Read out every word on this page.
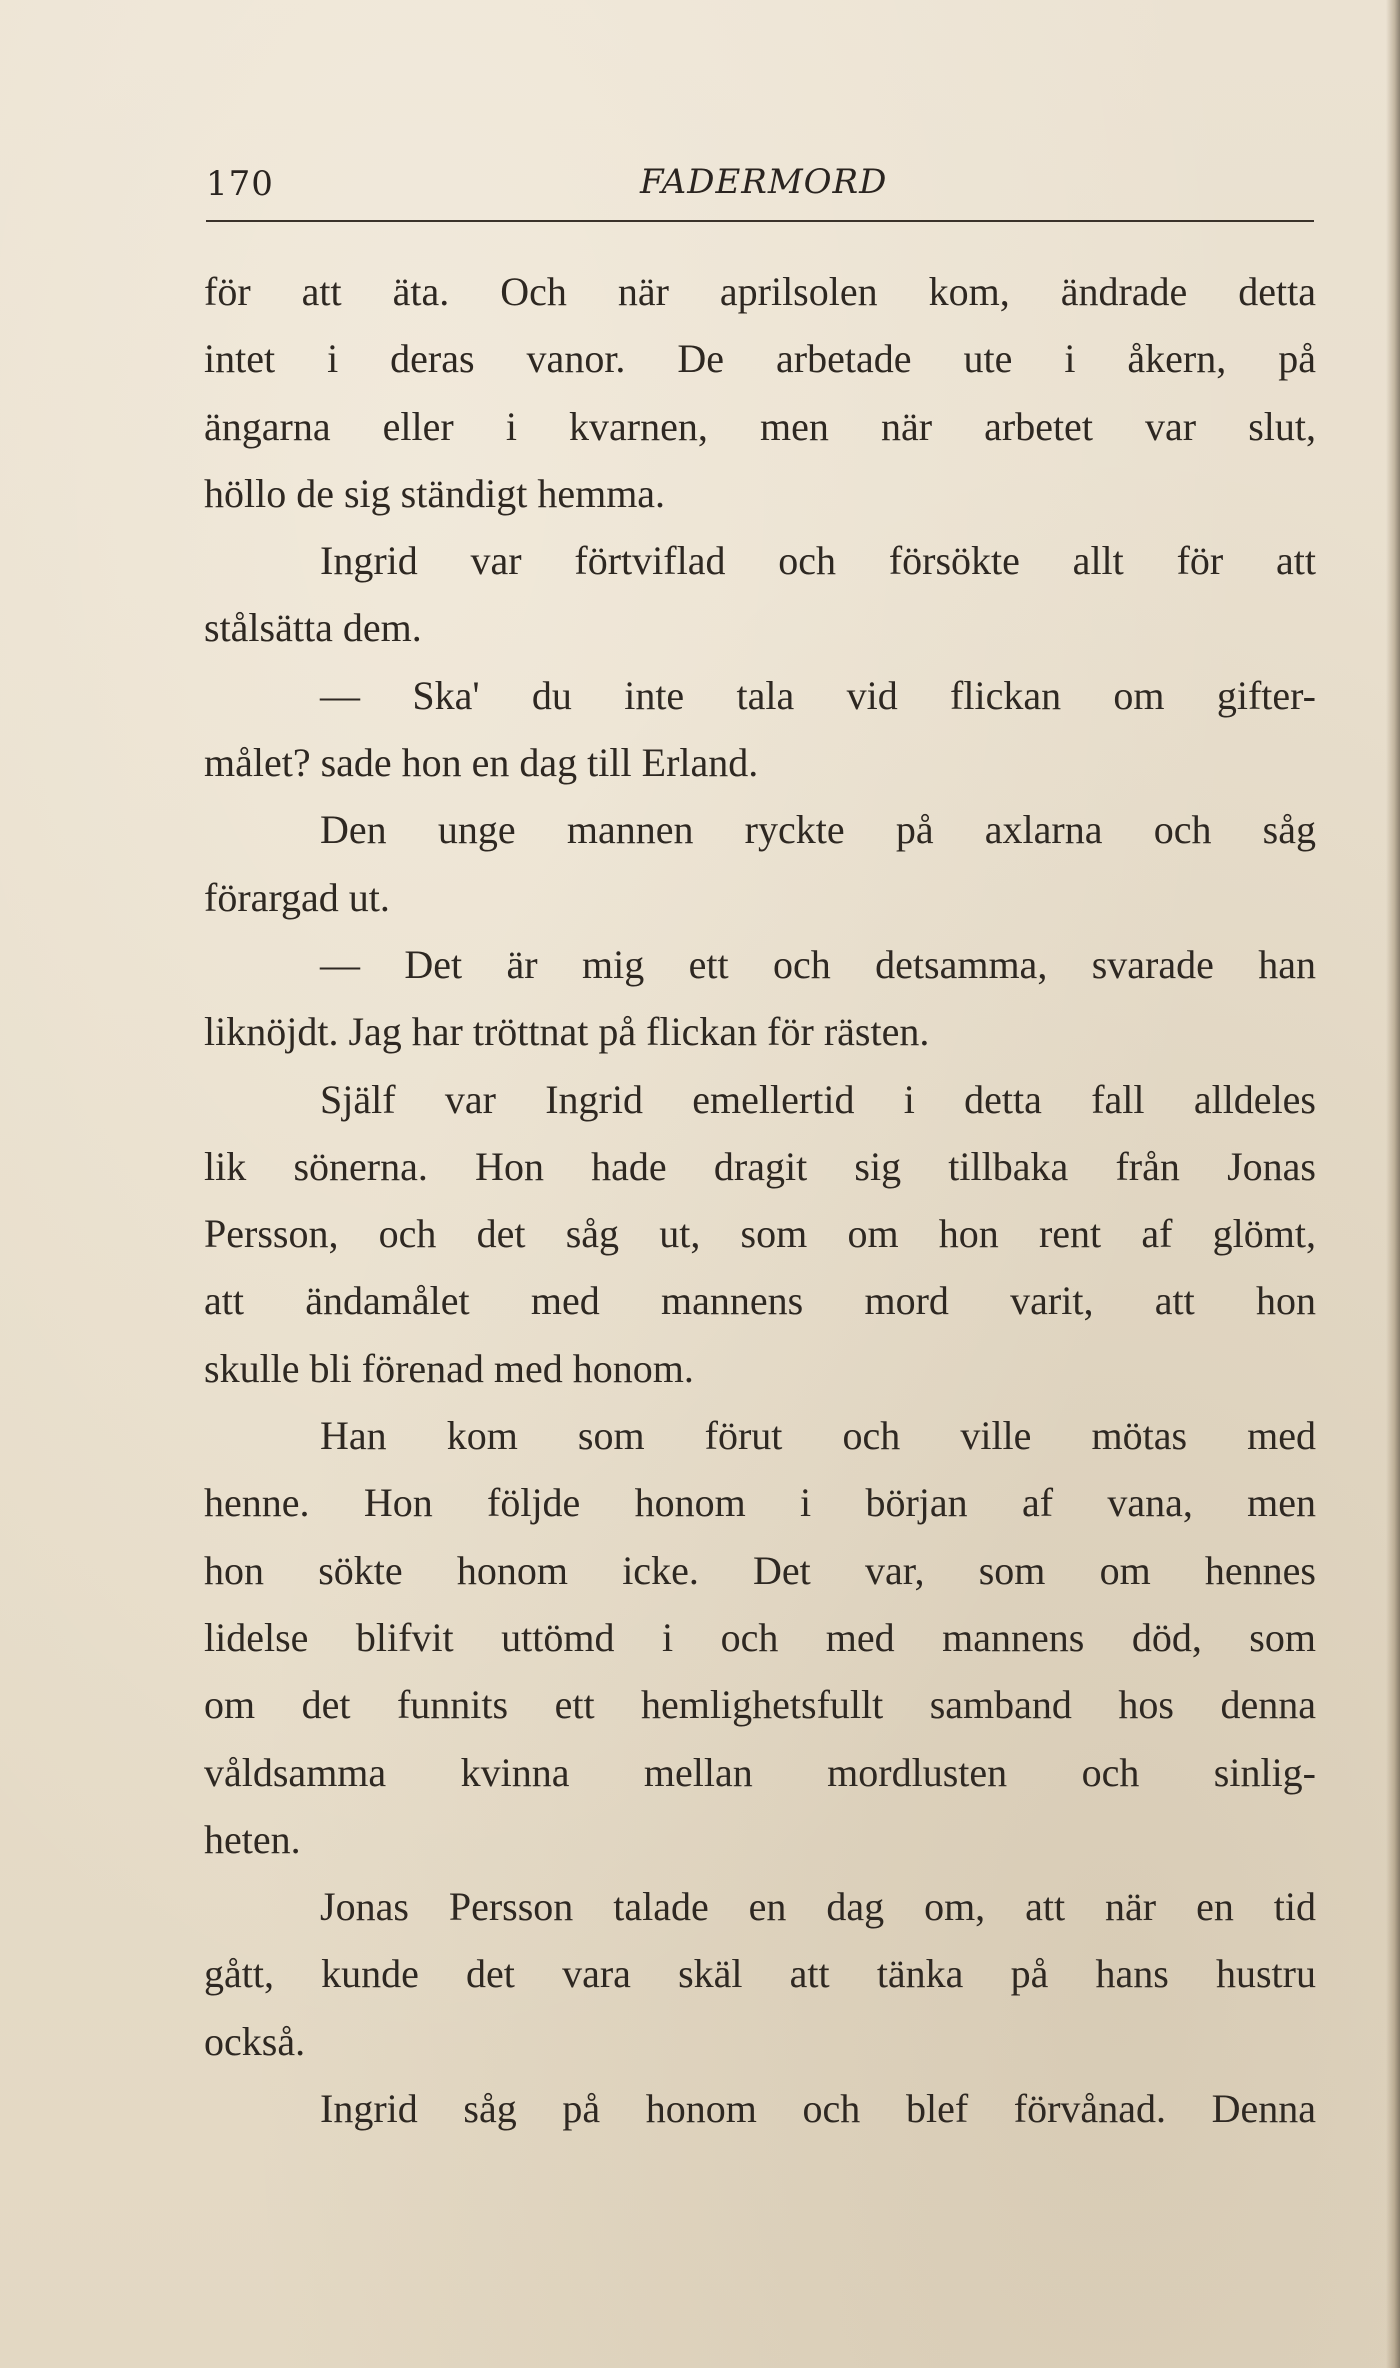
170	FADERMORD
för att äta. Och när aprilsolen kom, ändrade detta
intet i deras vanor. De arbetade ute i åkern, på
ängarna eller i kvarnen, men när arbetet var slut,
höllo de sig ständigt hemma.
Ingrid var förtviflad och försökte allt för att
stålsätta dem.
— Ska' du inte tala vid flickan om gifter-
målet? sade hon en dag till Erland.
Den unge mannen ryckte på axlarna och såg
förargad ut.
— Det är mig ett och detsamma, svarade han
liknöjdt. Jag har tröttnat på flickan för rästen.
Själf var Ingrid emellertid i detta fall alldeles
lik sönerna. Hon hade dragit sig tillbaka från Jonas
Persson, och det såg ut, som om hon rent af glömt,
att ändamålet med mannens mord varit, att hon
skulle bli förenad med honom.
Han kom som förut och ville mötas med
henne. Hon följde honom i början af vana, men
hon sökte honom icke. Det var, som om hennes
lidelse blifvit uttömd i och med mannens död, som
om det funnits ett hemlighetsfullt samband hos denna
våldsamma kvinna mellan mordlusten och sinlig-
heten.
Jonas Persson talade en dag om, att när en tid
gått, kunde det vara skäl att tänka på hans hustru
också.
Ingrid såg på honom och blef förvånad. Denna
